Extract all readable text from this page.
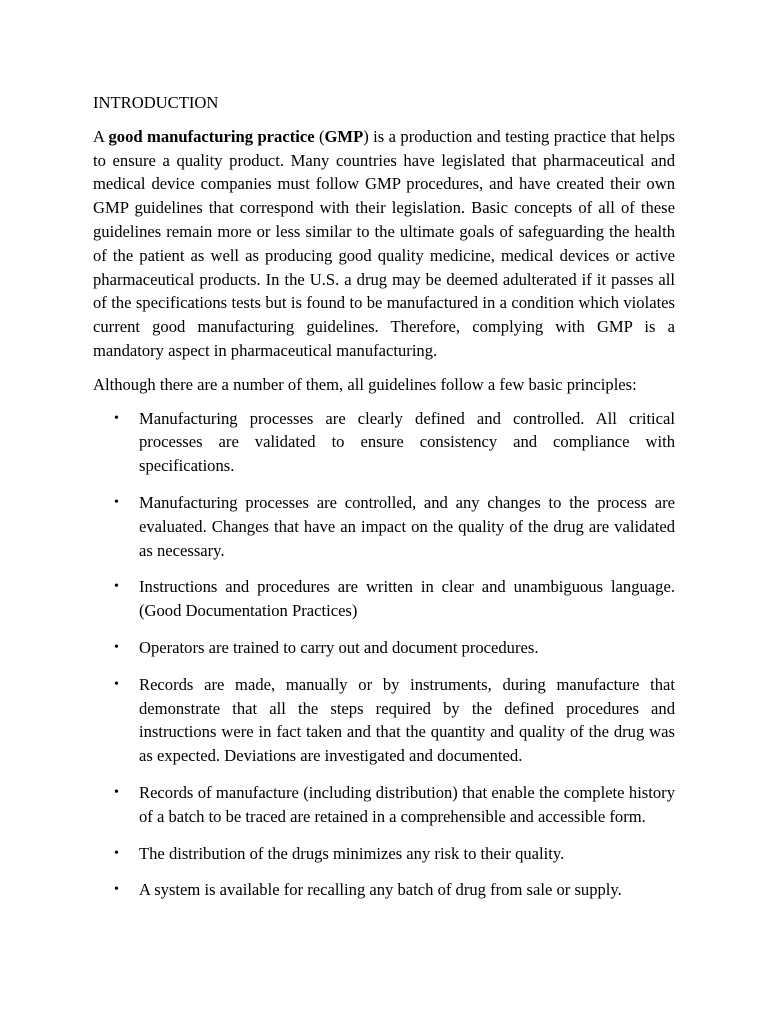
INTRODUCTION

A good manufacturing practice (GMP) is a production and testing practice that helps to ensure a quality product. Many countries have legislated that pharmaceutical and medical device companies must follow GMP procedures, and have created their own GMP guidelines that correspond with their legislation. Basic concepts of all of these guidelines remain more or less similar to the ultimate goals of safeguarding the health of the patient as well as producing good quality medicine, medical devices or active pharmaceutical products. In the U.S. a drug may be deemed adulterated if it passes all of the specifications tests but is found to be manufactured in a condition which violates current good manufacturing guidelines. Therefore, complying with GMP is a mandatory aspect in pharmaceutical manufacturing.

Although there are a number of them, all guidelines follow a few basic principles:

• Manufacturing processes are clearly defined and controlled. All critical processes are validated to ensure consistency and compliance with specifications.
• Manufacturing processes are controlled, and any changes to the process are evaluated. Changes that have an impact on the quality of the drug are validated as necessary.
• Instructions and procedures are written in clear and unambiguous language. (Good Documentation Practices)
• Operators are trained to carry out and document procedures.
• Records are made, manually or by instruments, during manufacture that demonstrate that all the steps required by the defined procedures and instructions were in fact taken and that the quantity and quality of the drug was as expected. Deviations are investigated and documented.
• Records of manufacture (including distribution) that enable the complete history of a batch to be traced are retained in a comprehensible and accessible form.
• The distribution of the drugs minimizes any risk to their quality.
• A system is available for recalling any batch of drug from sale or supply.
